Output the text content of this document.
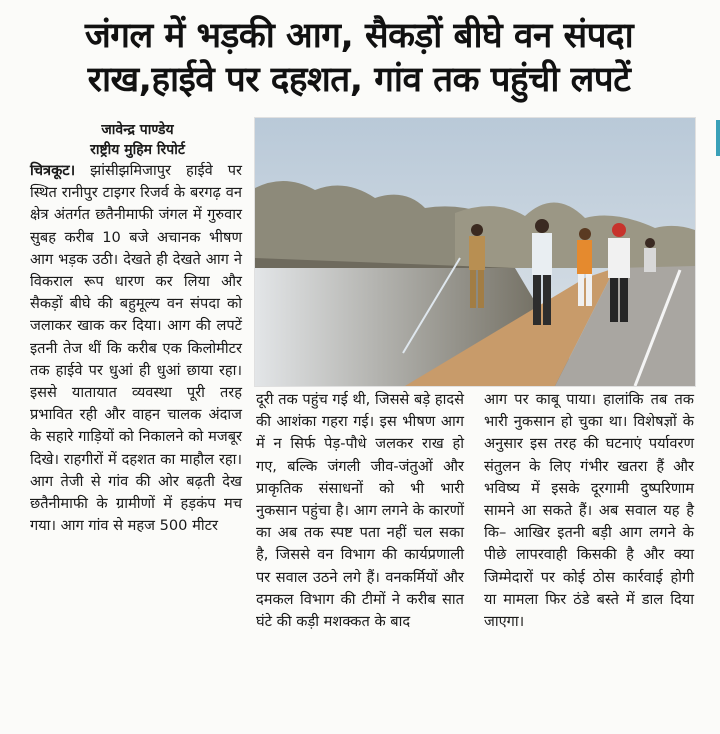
जंगल में भड़की आग, सैकड़ों बीघे वन संपदा
राख,हाईवे पर दहशत, गांव तक पहुंची लपटें
जावेन्द्र पाण्डेय
राष्ट्रीय मुहिम रिपोर्ट

चित्रकूट। झांसीझमिजापुर हाईवे पर स्थित रानीपुर टाइगर रिजर्व के बरगढ़ वन क्षेत्र अंतर्गत छतैनीमाफी जंगल में गुरुवार सुबह करीब 10 बजे अचानक भीषण आग भड़क उठी। देखते ही देखते आग ने विकराल रूप धारण कर लिया और सैकड़ों बीघे की बहुमूल्य वन संपदा को जलाकर खाक कर दिया। आग की लपटें इतनी तेज थीं कि करीब एक किलोमीटर तक हाईवे पर धुआं ही धुआं छाया रहा। इससे यातायात व्यवस्था पूरी तरह प्रभावित रही और वाहन चालक अंदाज के सहारे गाड़ियों को निकालने को मजबूर दिखे। राहगीरों में दहशत का माहौल रहा। आग तेजी से गांव की ओर बढ़ती देख छतैनीमाफी के ग्रामीणों में हड़कंप मच गया। आग गांव से महज 500 मीटर

दूरी तक पहुंच गई थी, जिससे बड़े हादसे की आशंका गहरा गई। इस भीषण आग में न सिर्फ पेड़-पौधे जलकर राख हो गए, बल्कि जंगली जीव-जंतुओं और प्राकृतिक संसाधनों को भी भारी नुकसान पहुंचा है। आग लगने के कारणों का अब तक स्पष्ट पता नहीं चल सका है, जिससे वन विभाग की कार्यप्रणाली पर सवाल उठने लगे हैं। वनकर्मियों और दमकल विभाग की टीमों ने करीब सात घंटे की कड़ी मशक्कत के बाद

आग पर काबू पाया। हालांकि तब तक भारी नुकसान हो चुका था। विशेषज्ञों के अनुसार इस तरह की घटनाएं पर्यावरण संतुलन के लिए गंभीर खतरा हैं और भविष्य में इसके दूरगामी दुष्परिणाम सामने आ सकते हैं। अब सवाल यह है कि– आखिर इतनी बड़ी आग लगने के पीछे लापरवाही किसकी है और क्या जिम्मेदारों पर कोई ठोस कार्रवाई होगी या मामला फिर ठंडे बस्ते में डाल दिया जाएगा।
